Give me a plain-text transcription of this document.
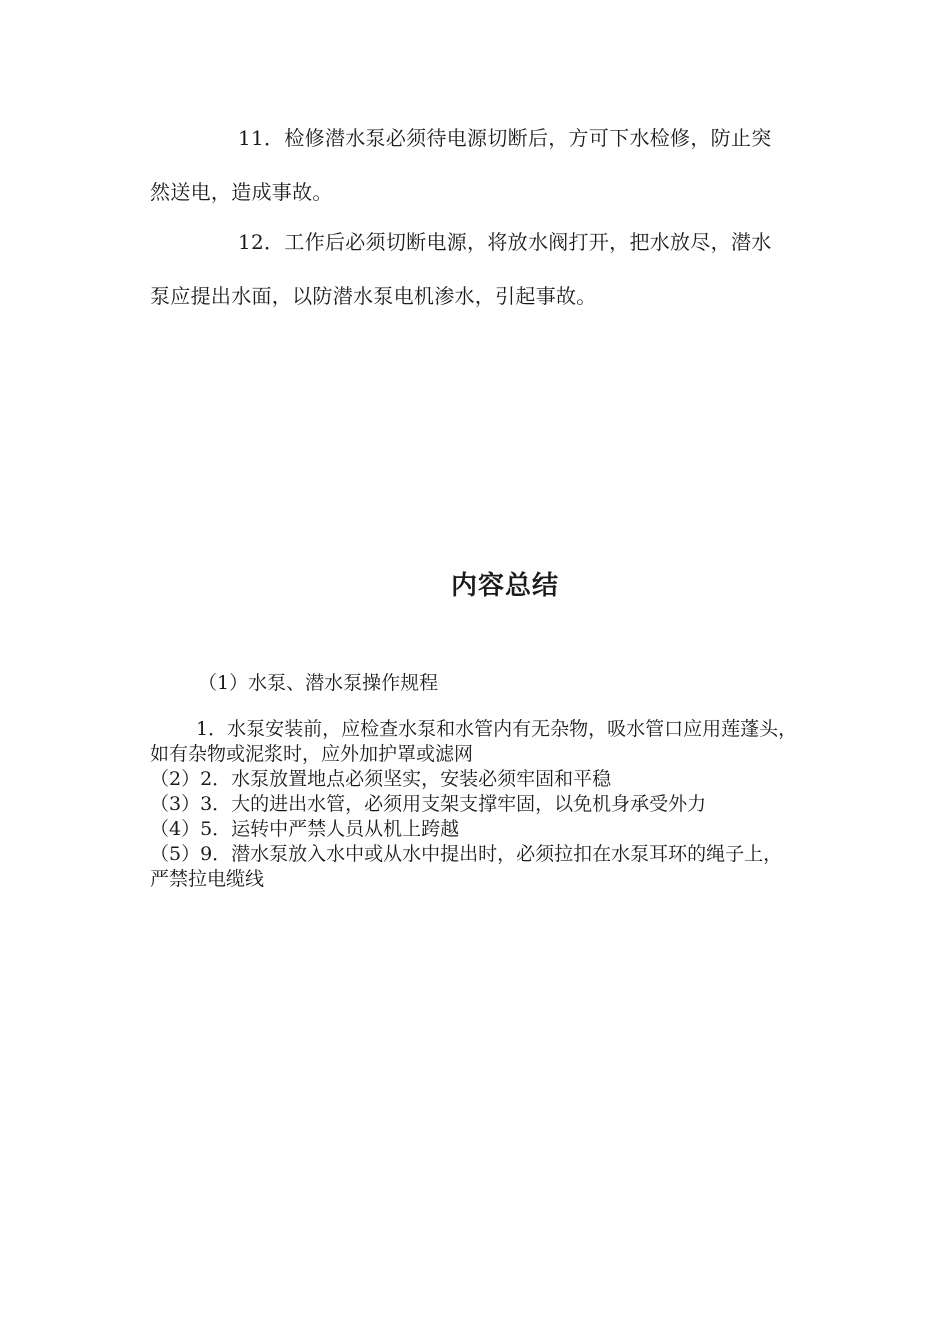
11．检修潜水泵必须待电源切断后，方可下水检修，防止突然送电，造成事故。

12．工作后必须切断电源，将放水阀打开，把水放尽，潜水泵应提出水面，以防潜水泵电机渗水，引起事故。

内容总结

（1）水泵、潜水泵操作规程

1．水泵安装前，应检查水泵和水管内有无杂物，吸水管口应用莲蓬头，如有杂物或泥浆时，应外加护罩或滤网
（2）2．水泵放置地点必须坚实，安装必须牢固和平稳
（3）3．大的进出水管，必须用支架支撑牢固，以免机身承受外力
（4）5．运转中严禁人员从机上跨越
（5）9．潜水泵放入水中或从水中提出时，必须拉扣在水泵耳环的绳子上，严禁拉电缆线
